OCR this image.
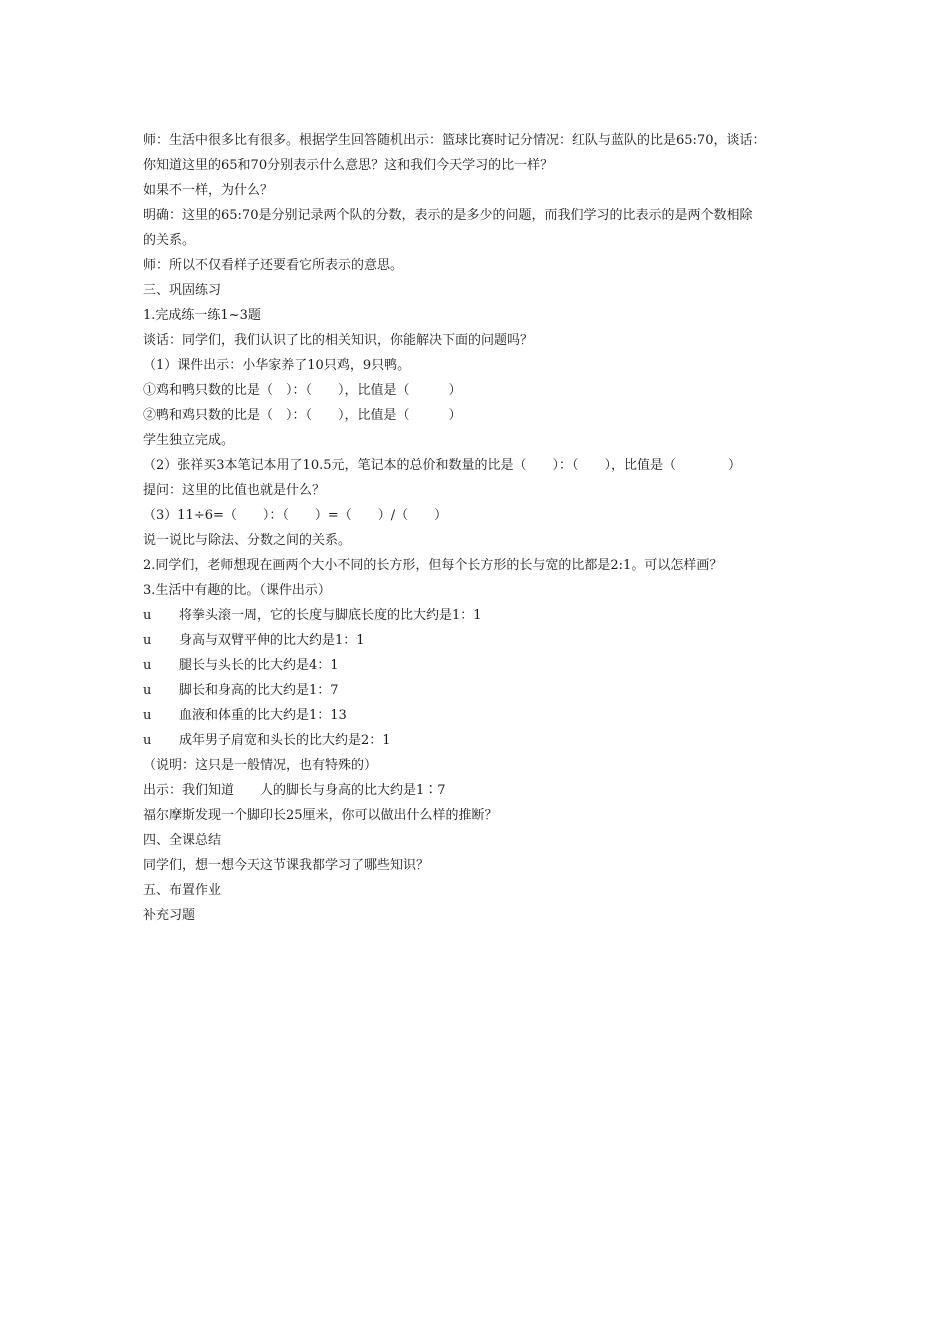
师：生活中很多比有很多。根据学生回答随机出示：篮球比赛时记分情况：红队与蓝队的比是65:70，谈话：
你知道这里的65和70分别表示什么意思？这和我们今天学习的比一样？
如果不一样，为什么？
明确：这里的65:70是分别记录两个队的分数，表示的是多少的问题，而我们学习的比表示的是两个数相除
的关系。
师：所以不仅看样子还要看它所表示的意思。
三、巩固练习
1.完成练一练1~3题
谈话：同学们，我们认识了比的相关知识，你能解决下面的问题吗？
（1）课件出示：小华家养了10只鸡，9只鸭。
①鸡和鸭只数的比是（　）：（　　），比值是（　　　）
②鸭和鸡只数的比是（　）：（　　），比值是（　　　）
学生独立完成。
（2）张祥买3本笔记本用了10.5元，笔记本的总价和数量的比是（　　）：（　　），比值是（　　　　）
提问：这里的比值也就是什么？
（3）11÷6=（　　）：（　　）=（　　）/（　　）
说一说比与除法、分数之间的关系。
2.同学们，老师想现在画两个大小不同的长方形，但每个长方形的长与宽的比都是2:1。可以怎样画？
3.生活中有趣的比。（课件出示）
u	将拳头滚一周，它的长度与脚底长度的比大约是1：1
u	身高与双臂平伸的比大约是1：1
u	腿长与头长的比大约是4：1
u	脚长和身高的比大约是1：7
u	血液和体重的比大约是1：13
u	成年男子肩宽和头长的比大约是2：1
（说明：这只是一般情况，也有特殊的）
出示：我们知道　　人的脚长与身高的比大约是1∶7
福尔摩斯发现一个脚印长25厘米，你可以做出什么样的推断？
四、全课总结
同学们，想一想今天这节课我都学习了哪些知识？
五、布置作业
补充习题
